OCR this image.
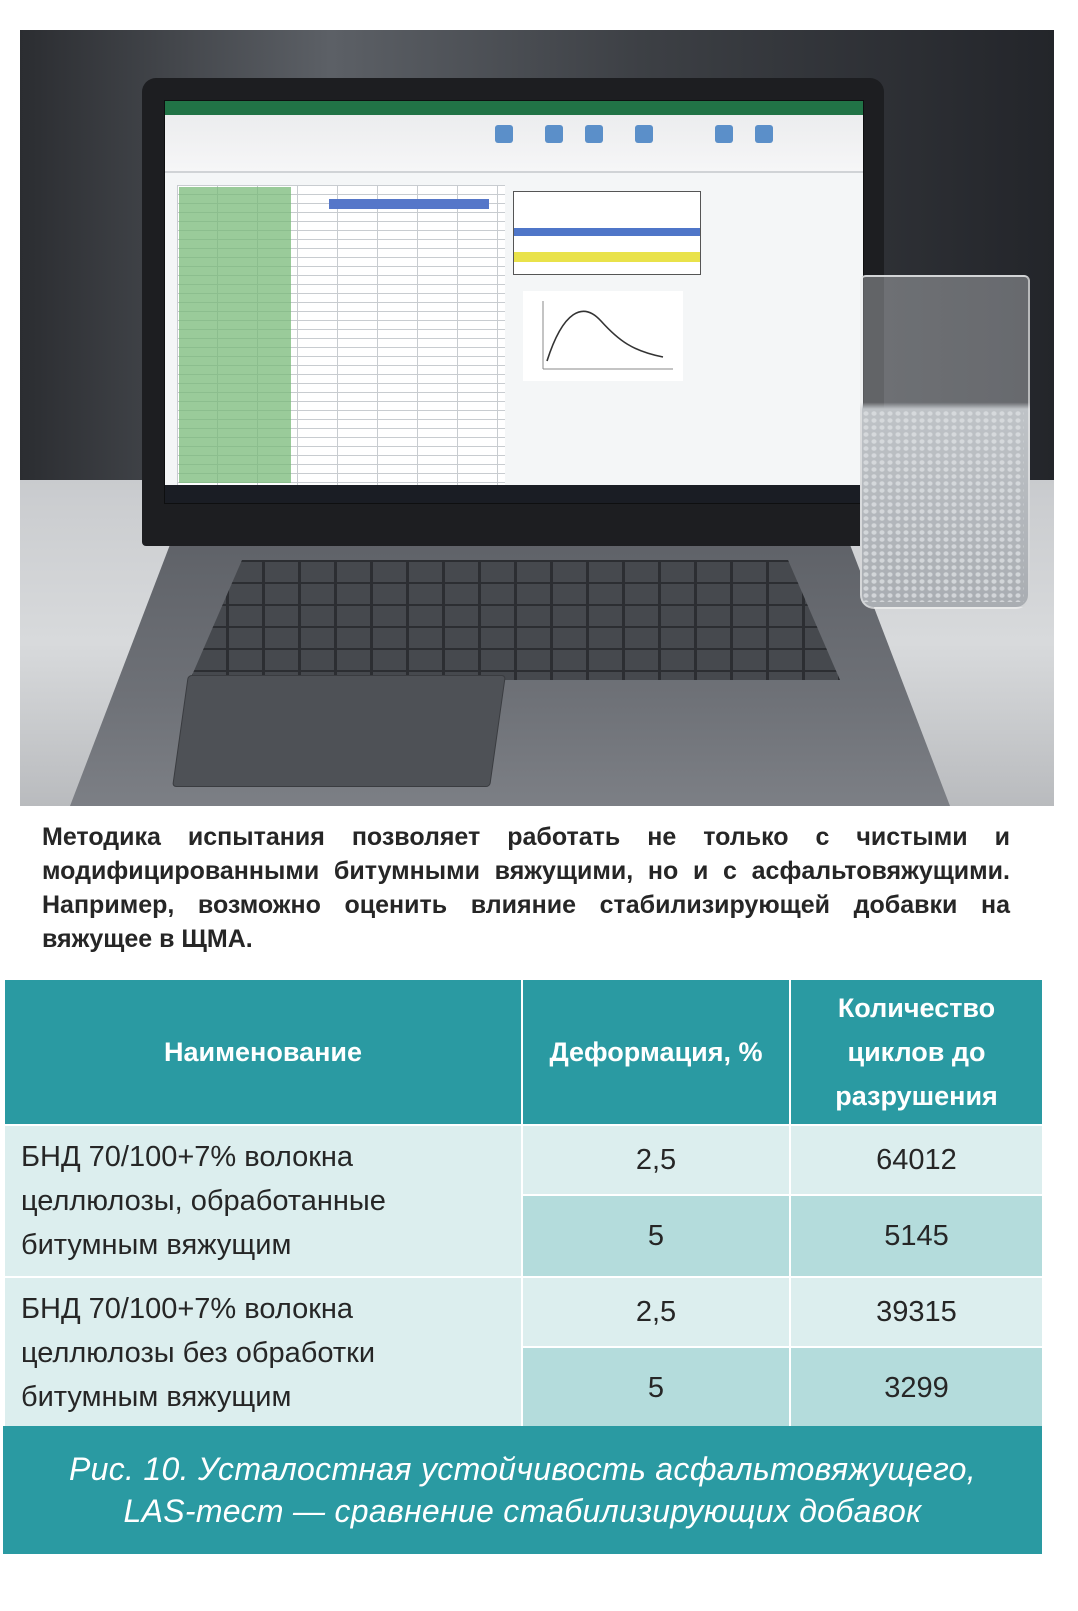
Методика испытания позволяет работать не только с чистыми и модифицированными битумными вяжущими, но и с асфальтовяжущими. Например, возможно оценить влияние стабилизирующей добавки на вяжущее в ЩМА.

Наименование	Деформация, %	Количество циклов до разрушения
БНД 70/100+7% волокна целлюлозы, обработанные битумным вяжущим	2,5	64012
	5	5145
БНД 70/100+7% волокна целлюлозы без обработки битумным вяжущим	2,5	39315
	5	3299
Рис. 10. Усталостная устойчивость асфальтовяжущего,
LAS-тест — сравнение стабилизирующих добавок
